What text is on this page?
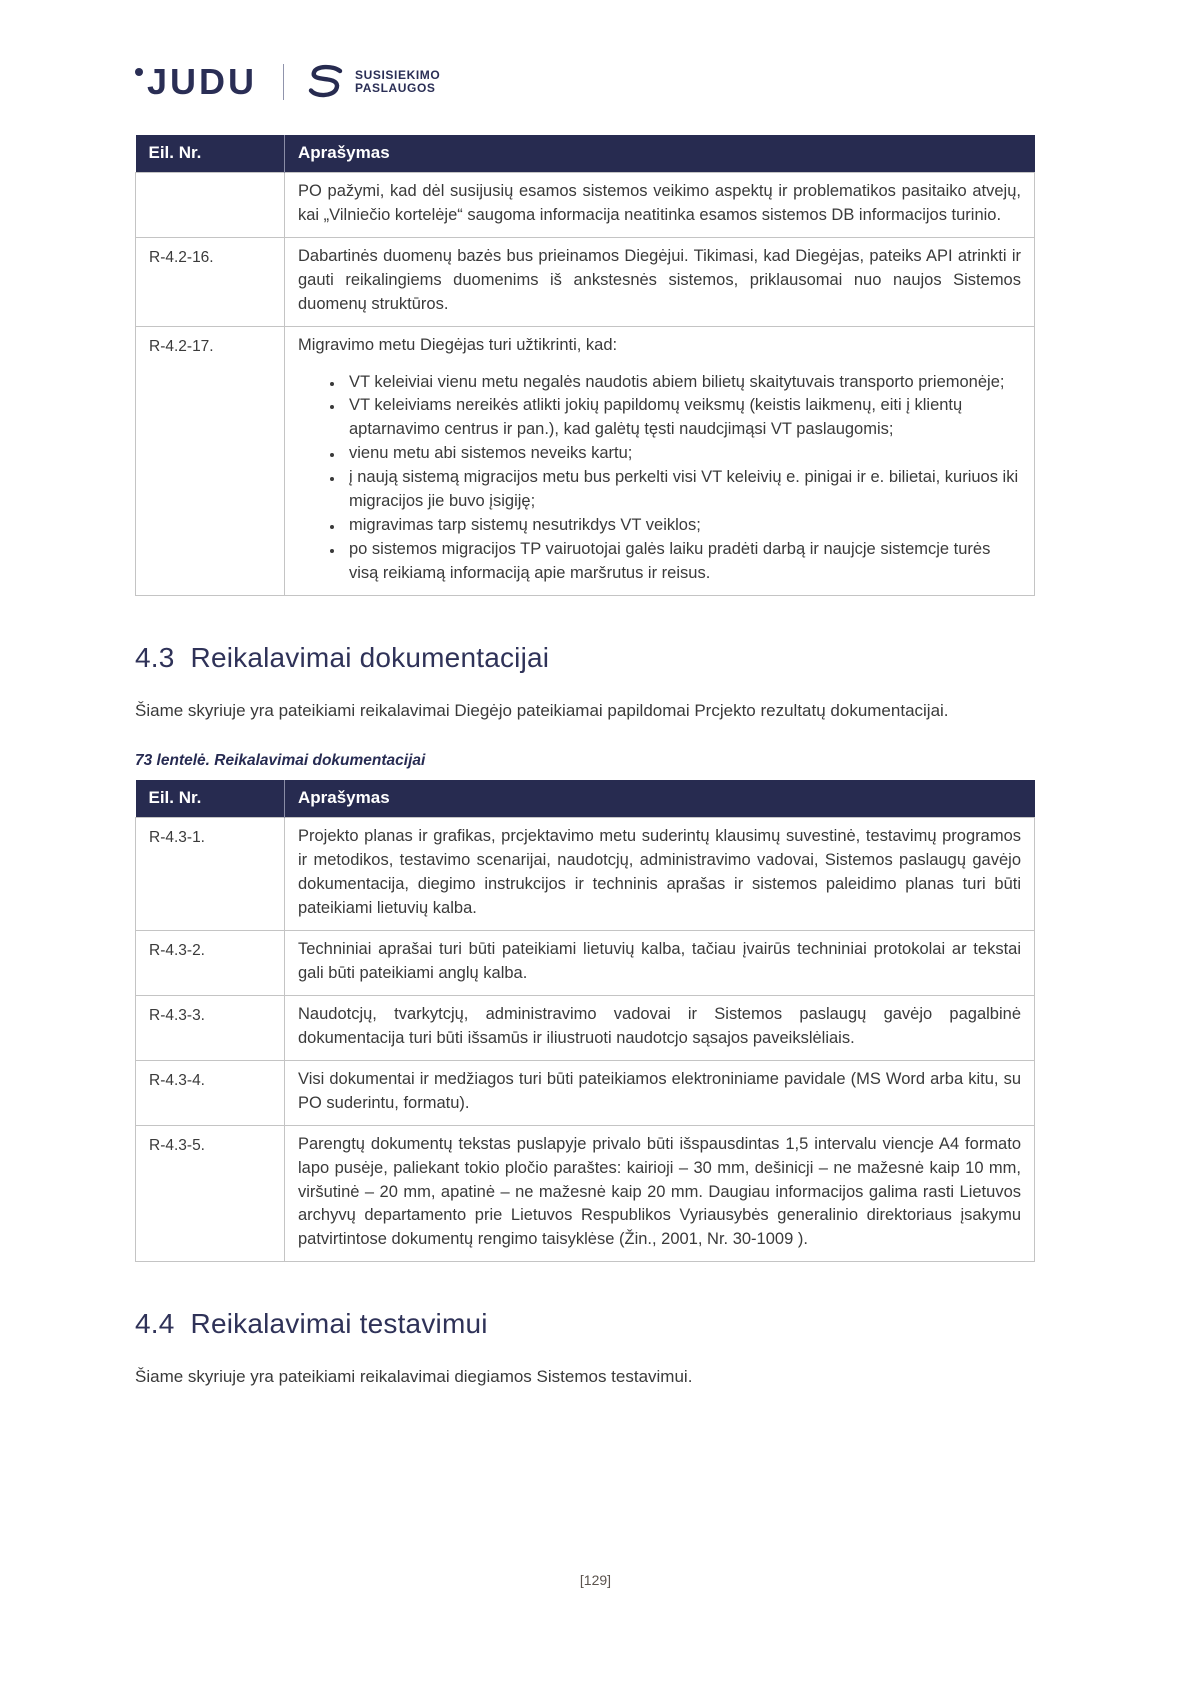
JUDU	SUSISIEKIMO
PASLAUGOS
Eil. Nr.	Aprašymas
	PO pažymi, kad dėl susijusių esamos sistemos veikimo aspektų ir problematikos pasitaiko atvejų, kai „Vilniečio kortelėje“ saugoma informacija neatitinka esamos sistemos DB informacijos turinio.
R-4.2-16.	Dabartinės duomenų bazės bus prieinamos Diegėjui. Tikimasi, kad Diegėjas, pateiks API atrinkti ir gauti reikalingiems duomenims iš ankstesnės sistemos, priklausomai nuo naujos Sistemos duomenų struktūros.
R-4.2-17.	Migravimo metu Diegėjas turi užtikrinti, kad:
• VT keleiviai vienu metu negalės naudotis abiem bilietų skaitytuvais transporto priemonėje;
• VT keleiviams nereikės atlikti jokių papildomų veiksmų (keistis laikmenų, eiti į klientų aptarnavimo centrus ir pan.), kad galėtų tęsti naudcjimąsi VT paslaugomis;
• vienu metu abi sistemos neveiks kartu;
• į naują sistemą migracijos metu bus perkelti visi VT keleivių e. pinigai ir e. bilietai, kuriuos iki migracijos jie buvo įsigiję;
• migravimas tarp sistemų nesutrikdys VT veiklos;
• po sistemos migracijos TP vairuotojai galės laiku pradėti darbą ir naujcje sistemcje turės visą reikiamą informaciją apie maršrutus ir reisus.
4.3 Reikalavimai dokumentacijai

Šiame skyriuje yra pateikiami reikalavimai Diegėjo pateikiamai papildomai Prcjekto rezultatų dokumentacijai.

73 lentelė. Reikalavimai dokumentacijai
Eil. Nr.	Aprašymas
R-4.3-1.	Projekto planas ir grafikas, prcjektavimo metu suderintų klausimų suvestinė, testavimų programos ir metodikos, testavimo scenarijai, naudotcjų, administravimo vadovai, Sistemos paslaugų gavėjo dokumentacija, diegimo instrukcijos ir techninis aprašas ir sistemos paleidimo planas turi būti pateikiami lietuvių kalba.
R-4.3-2.	Techniniai aprašai turi būti pateikiami lietuvių kalba, tačiau įvairūs techniniai protokolai ar tekstai gali būti pateikiami anglų kalba.
R-4.3-3.	Naudotcjų, tvarkytcjų, administravimo vadovai ir Sistemos paslaugų gavėjo pagalbinė dokumentacija turi būti išsamūs ir iliustruoti naudotcjo sąsajos paveikslėliais.
R-4.3-4.	Visi dokumentai ir medžiagos turi būti pateikiamos elektroniniame pavidale (MS Word arba kitu, su PO suderintu, formatu).
R-4.3-5.	Parengtų dokumentų tekstas puslapyje privalo būti išspausdintas 1,5 intervalu viencje A4 formato lapo pusėje, paliekant tokio pločio paraštes: kairioji – 30 mm, dešinicji – ne mažesnė kaip 10 mm, viršutinė – 20 mm, apatinė – ne mažesnė kaip 20 mm. Daugiau informacijos galima rasti Lietuvos archyvų departamento prie Lietuvos Respublikos Vyriausybės generalinio direktoriaus įsakymu patvirtintose dokumentų rengimo taisyklėse (Žin., 2001, Nr. 30-1009 ).
4.4 Reikalavimai testavimui

Šiame skyriuje yra pateikiami reikalavimai diegiamos Sistemos testavimui.

[129]
